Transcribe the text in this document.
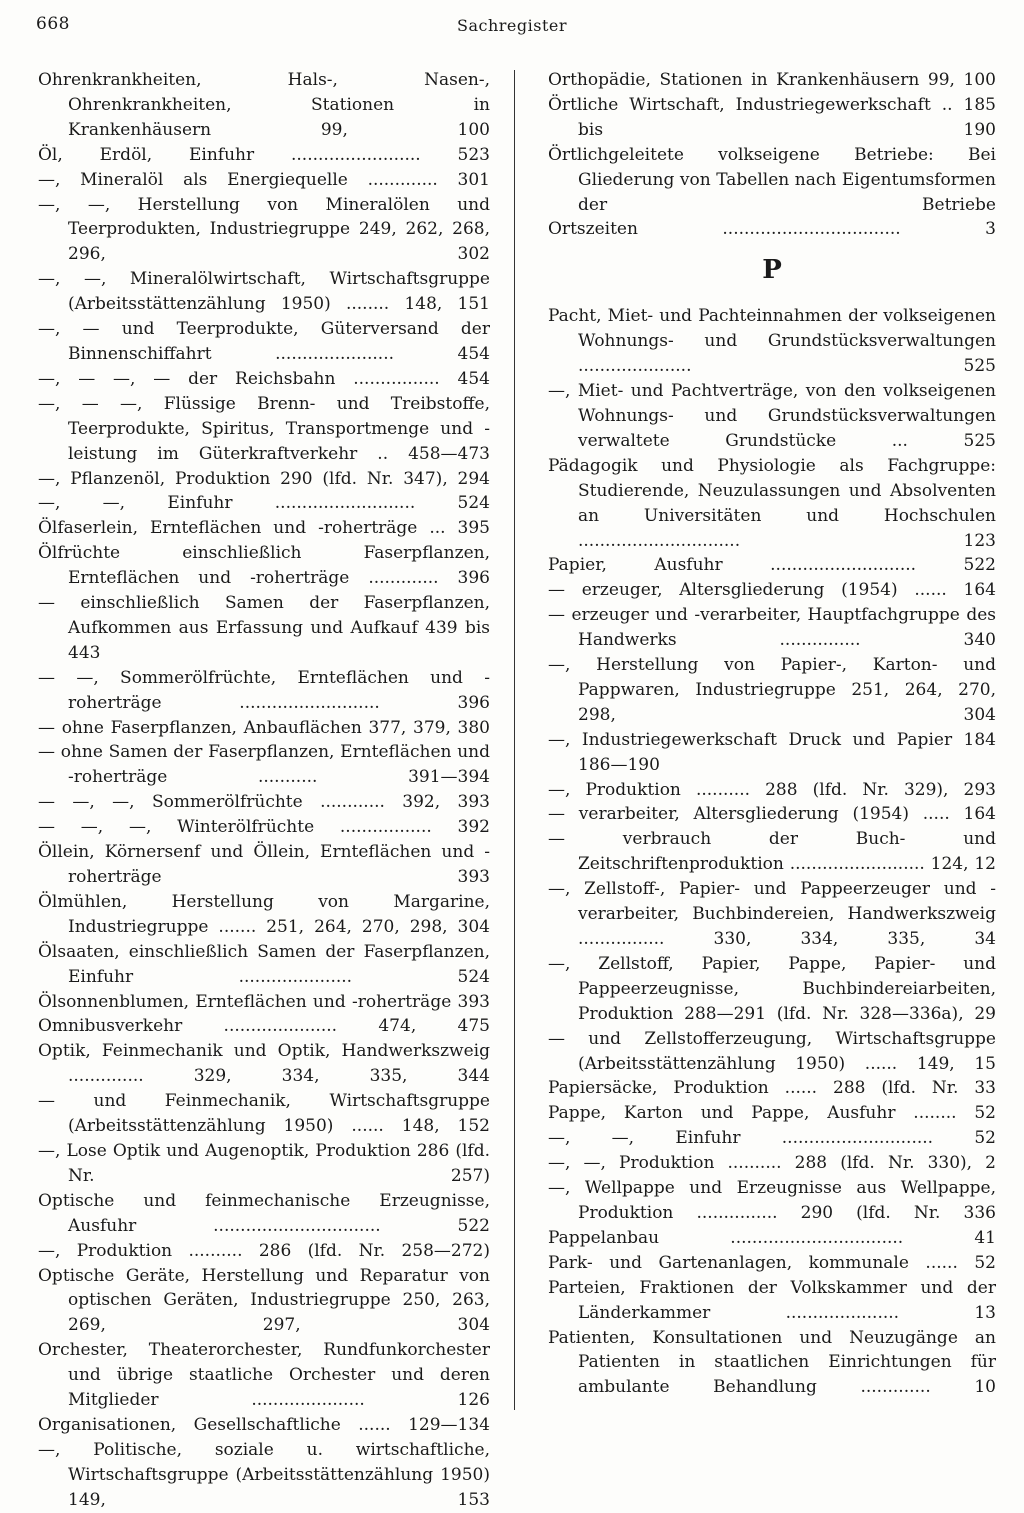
668	Sachregister
Ohrenkrankheiten, Hals-, Nasen-, Ohrenkrankheiten, Stationen in Krankenhäusern 99, 100
Öl, Erdöl, Einfuhr ........................ 523
—, Mineralöl als Energiequelle ............. 301
—, —, Herstellung von Mineralölen und Teerprodukten, Industriegruppe 249, 262, 268, 296, 302
—, —, Mineralölwirtschaft, Wirtschaftsgruppe (Arbeitsstättenzählung 1950) ........ 148, 151
—, — und Teerprodukte, Güterversand der Binnenschiffahrt ...................... 454
—, — —, — der Reichsbahn ................ 454
—, — —, Flüssige Brenn- und Treibstoffe, Teerprodukte, Spiritus, Transportmenge und -leistung im Güterkraftverkehr .. 458—473
—, Pflanzenöl, Produktion 290 (lfd. Nr. 347), 294
—, —, Einfuhr .......................... 524
Ölfaserlein, Ernteflächen und -roherträge ... 395
Ölfrüchte einschließlich Faserpflanzen, Ernteflächen und -roherträge ............. 396
— einschließlich Samen der Faserpflanzen, Aufkommen aus Erfassung und Aufkauf 439 bis 443
— —, Sommerölfrüchte, Ernteflächen und -roherträge .......................... 396
— ohne Faserpflanzen, Anbauflächen 377, 379, 380
— ohne Samen der Faserpflanzen, Ernteflächen und -roherträge ........... 391—394
— —, —, Sommerölfrüchte ............ 392, 393
— —, —, Winterölfrüchte ................. 392
Öllein, Körnersenf und Öllein, Ernteflächen und -roherträge 393
Ölmühlen, Herstellung von Margarine, Industriegruppe ....... 251, 264, 270, 298, 304
Ölsaaten, einschließlich Samen der Faserpflanzen, Einfuhr ..................... 524
Ölsonnenblumen, Ernteflächen und -roherträge 393
Omnibusverkehr ..................... 474, 475
Optik, Feinmechanik und Optik, Handwerkszweig .............. 329, 334, 335, 344
— und Feinmechanik, Wirtschaftsgruppe (Arbeitsstättenzählung 1950) ...... 148, 152
—, Lose Optik und Augenoptik, Produktion 286 (lfd. Nr. 257)
Optische und feinmechanische Erzeugnisse, Ausfuhr ............................... 522
—, Produktion .......... 286 (lfd. Nr. 258—272)
Optische Geräte, Herstellung und Reparatur von optischen Geräten, Industriegruppe 250, 263, 269, 297, 304
Orchester, Theaterorchester, Rundfunkorchester und übrige staatliche Orchester und deren Mitglieder ..................... 126
Organisationen, Gesellschaftliche ...... 129—134
—, Politische, soziale u. wirtschaftliche, Wirtschaftsgruppe (Arbeitsstättenzählung 1950) 149, 153
Orthopädie, Stationen in Krankenhäusern 99, 100
Örtliche Wirtschaft, Industriegewerkschaft .. 185 bis 190
Örtlichgeleitete volkseigene Betriebe: Bei Gliederung von Tabellen nach Eigentumsformen der Betriebe
Ortszeiten ................................. 3
P
Pacht, Miet- und Pachteinnahmen der volkseigenen Wohnungs- und Grundstücksverwaltungen ..................... 525
—, Miet- und Pachtverträge, von den volkseigenen Wohnungs- und Grundstücksverwaltungen verwaltete Grundstücke ... 525
Pädagogik und Physiologie als Fachgruppe: Studierende, Neuzulassungen und Absolventen an Universitäten und Hochschulen .............................. 123
Papier, Ausfuhr ........................... 522
— erzeuger, Altersgliederung (1954) ...... 164
— erzeuger und -verarbeiter, Hauptfachgruppe des Handwerks ............... 340
—, Herstellung von Papier-, Karton- und Pappwaren, Industriegruppe 251, 264, 270, 298, 304
—, Industriegewerkschaft Druck und Papier 184 186—190
—, Produktion .......... 288 (lfd. Nr. 329), 293
— verarbeiter, Altersgliederung (1954) ..... 164
— verbrauch der Buch- und Zeitschriftenproduktion ......................... 124, 12
—, Zellstoff-, Papier- und Pappeerzeuger und -verarbeiter, Buchbindereien, Handwerkszweig ................ 330, 334, 335, 34
—, Zellstoff, Papier, Pappe, Papier- und Pappeerzeugnisse, Buchbindereiarbeiten, Produktion 288—291 (lfd. Nr. 328—336a), 29
— und Zellstofferzeugung, Wirtschaftsgruppe (Arbeitsstättenzählung 1950) ...... 149, 15
Papiersäcke, Produktion ...... 288 (lfd. Nr. 33
Pappe, Karton und Pappe, Ausfuhr ........ 52
—, —, Einfuhr ............................ 52
—, —, Produktion .......... 288 (lfd. Nr. 330), 2
—, Wellpappe und Erzeugnisse aus Wellpappe, Produktion ............... 290 (lfd. Nr. 336
Pappelanbau ................................ 41
Park- und Gartenanlagen, kommunale ...... 52
Parteien, Fraktionen der Volkskammer und der Länderkammer ..................... 13
Patienten, Konsultationen und Neuzugänge an Patienten in staatlichen Einrichtungen für ambulante Behandlung ............. 10
